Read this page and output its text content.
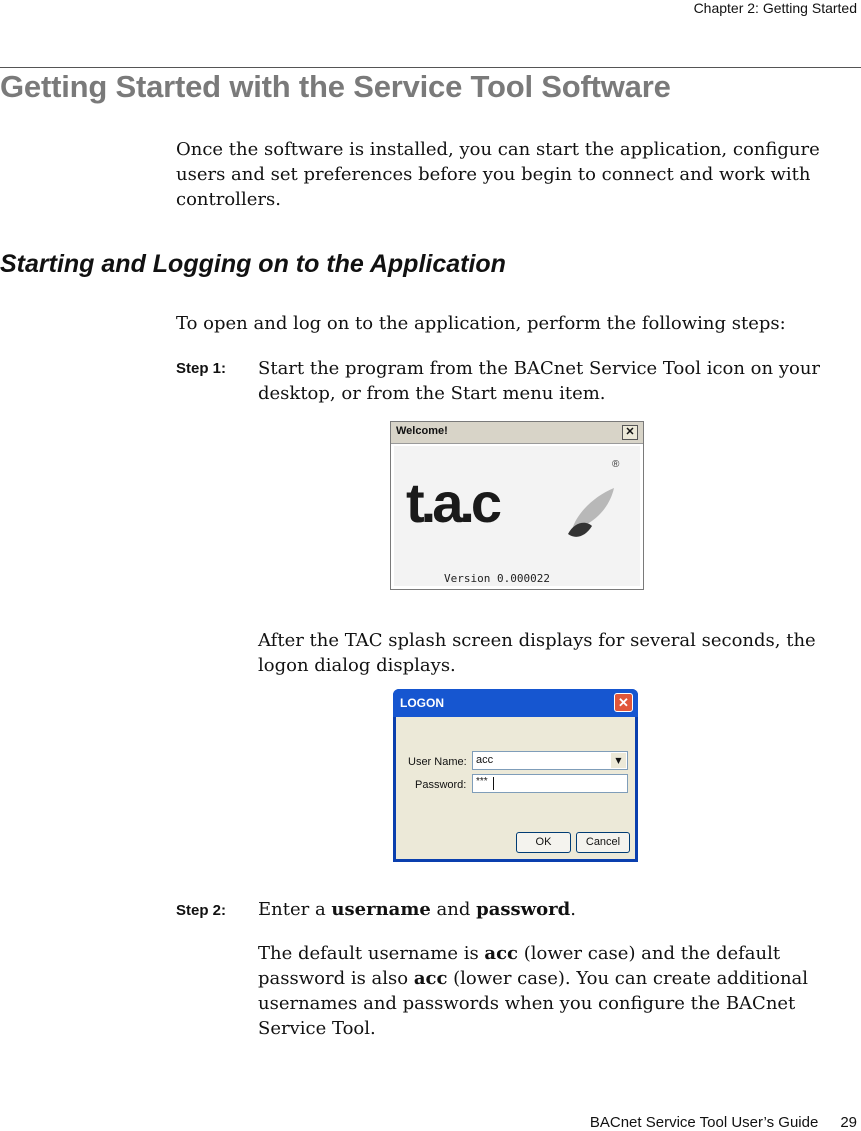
Chapter 2: Getting Started
Getting Started with the Service Tool Software
Once the software is installed, you can start the application, configure users and set preferences before you begin to connect and work with controllers.
Starting and Logging on to the Application
To open and log on to the application, perform the following steps:
Step 1: Start the program from the BACnet Service Tool icon on your desktop, or from the Start menu item.
Welcome!	✕
t.a.c
®
Version 0.000022
After the TAC splash screen displays for several seconds, the logon dialog displays.
LOGON	✕
User Name: acc	▼
Password: ***
OK	Cancel
Step 2: Enter a username and password.
The default username is acc (lower case) and the default password is also acc (lower case). You can create additional usernames and passwords when you configure the BACnet Service Tool.
BACnet Service Tool User’s Guide 29
